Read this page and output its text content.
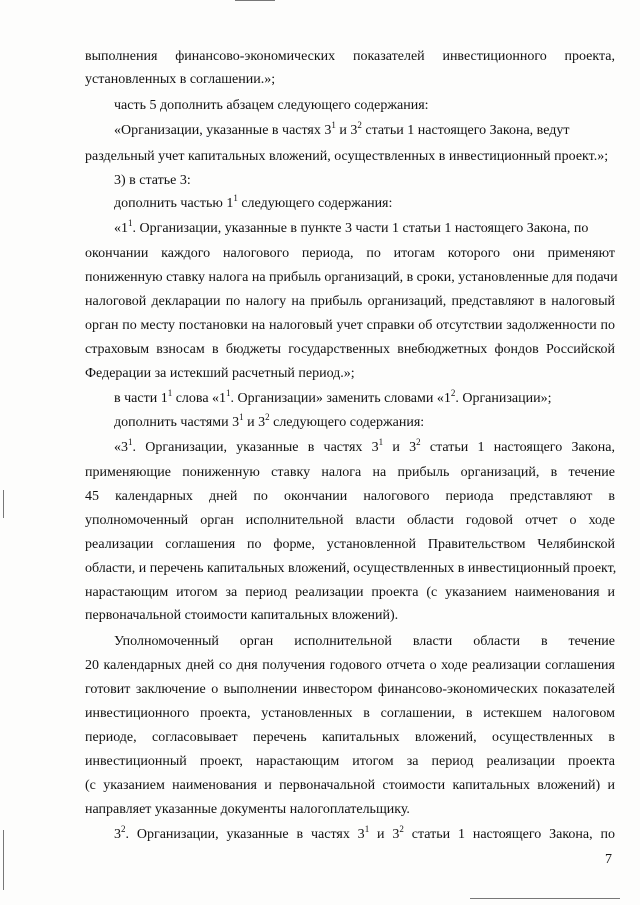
выполнения финансово-экономических показателей инвестиционного проекта,

установленных в соглашении.»;

часть 5 дополнить абзацем следующего содержания:

«Организации, указанные в частях $3^1$ и $3^2$ статьи 1 настоящего Закона, ведут

раздельный учет капитальных вложений, осуществленных в инвестиционный проект.»;

3) в статье 3:

дополнить частью $1^1$ следующего содержания:

«$1^1$. Организации, указанные в пункте 3 части 1 статьи 1 настоящего Закона, по

окончании каждого налогового периода, по итогам которого они применяют

пониженную ставку налога на прибыль организаций, в сроки, установленные для подачи

налоговой декларации по налогу на прибыль организаций, представляют в налоговый

орган по месту постановки на налоговый учет справки об отсутствии задолженности по

страховым взносам в бюджеты государственных внебюджетных фондов Российской

Федерации за истекший расчетный период.»;

в части $1^1$ слова «$1^1$. Организации» заменить словами «$1^2$. Организации»;

дополнить частями $3^1$ и $3^2$ следующего содержания:

«$3^1$. Организации, указанные в частях $3^1$ и $3^2$ статьи 1 настоящего Закона,

применяющие пониженную ставку налога на прибыль организаций, в течение

45 календарных дней по окончании налогового периода представляют в

уполномоченный орган исполнительной власти области годовой отчет о ходе

реализации соглашения по форме, установленной Правительством Челябинской

области, и перечень капитальных вложений, осуществленных в инвестиционный проект,

нарастающим итогом за период реализации проекта (с указанием наименования и

первоначальной стоимости капитальных вложений).

Уполномоченный орган исполнительной власти области в течение

20 календарных дней со дня получения годового отчета о ходе реализации соглашения

готовит заключение о выполнении инвестором финансово-экономических показателей

инвестиционного проекта, установленных в соглашении, в истекшем налоговом

периоде, согласовывает перечень капитальных вложений, осуществленных в

инвестиционный проект, нарастающим итогом за период реализации проекта

(с указанием наименования и первоначальной стоимости капитальных вложений) и

направляет указанные документы налогоплательщику.

$3^2$. Организации, указанные в частях $3^1$ и $3^2$ статьи 1 настоящего Закона, по

7
